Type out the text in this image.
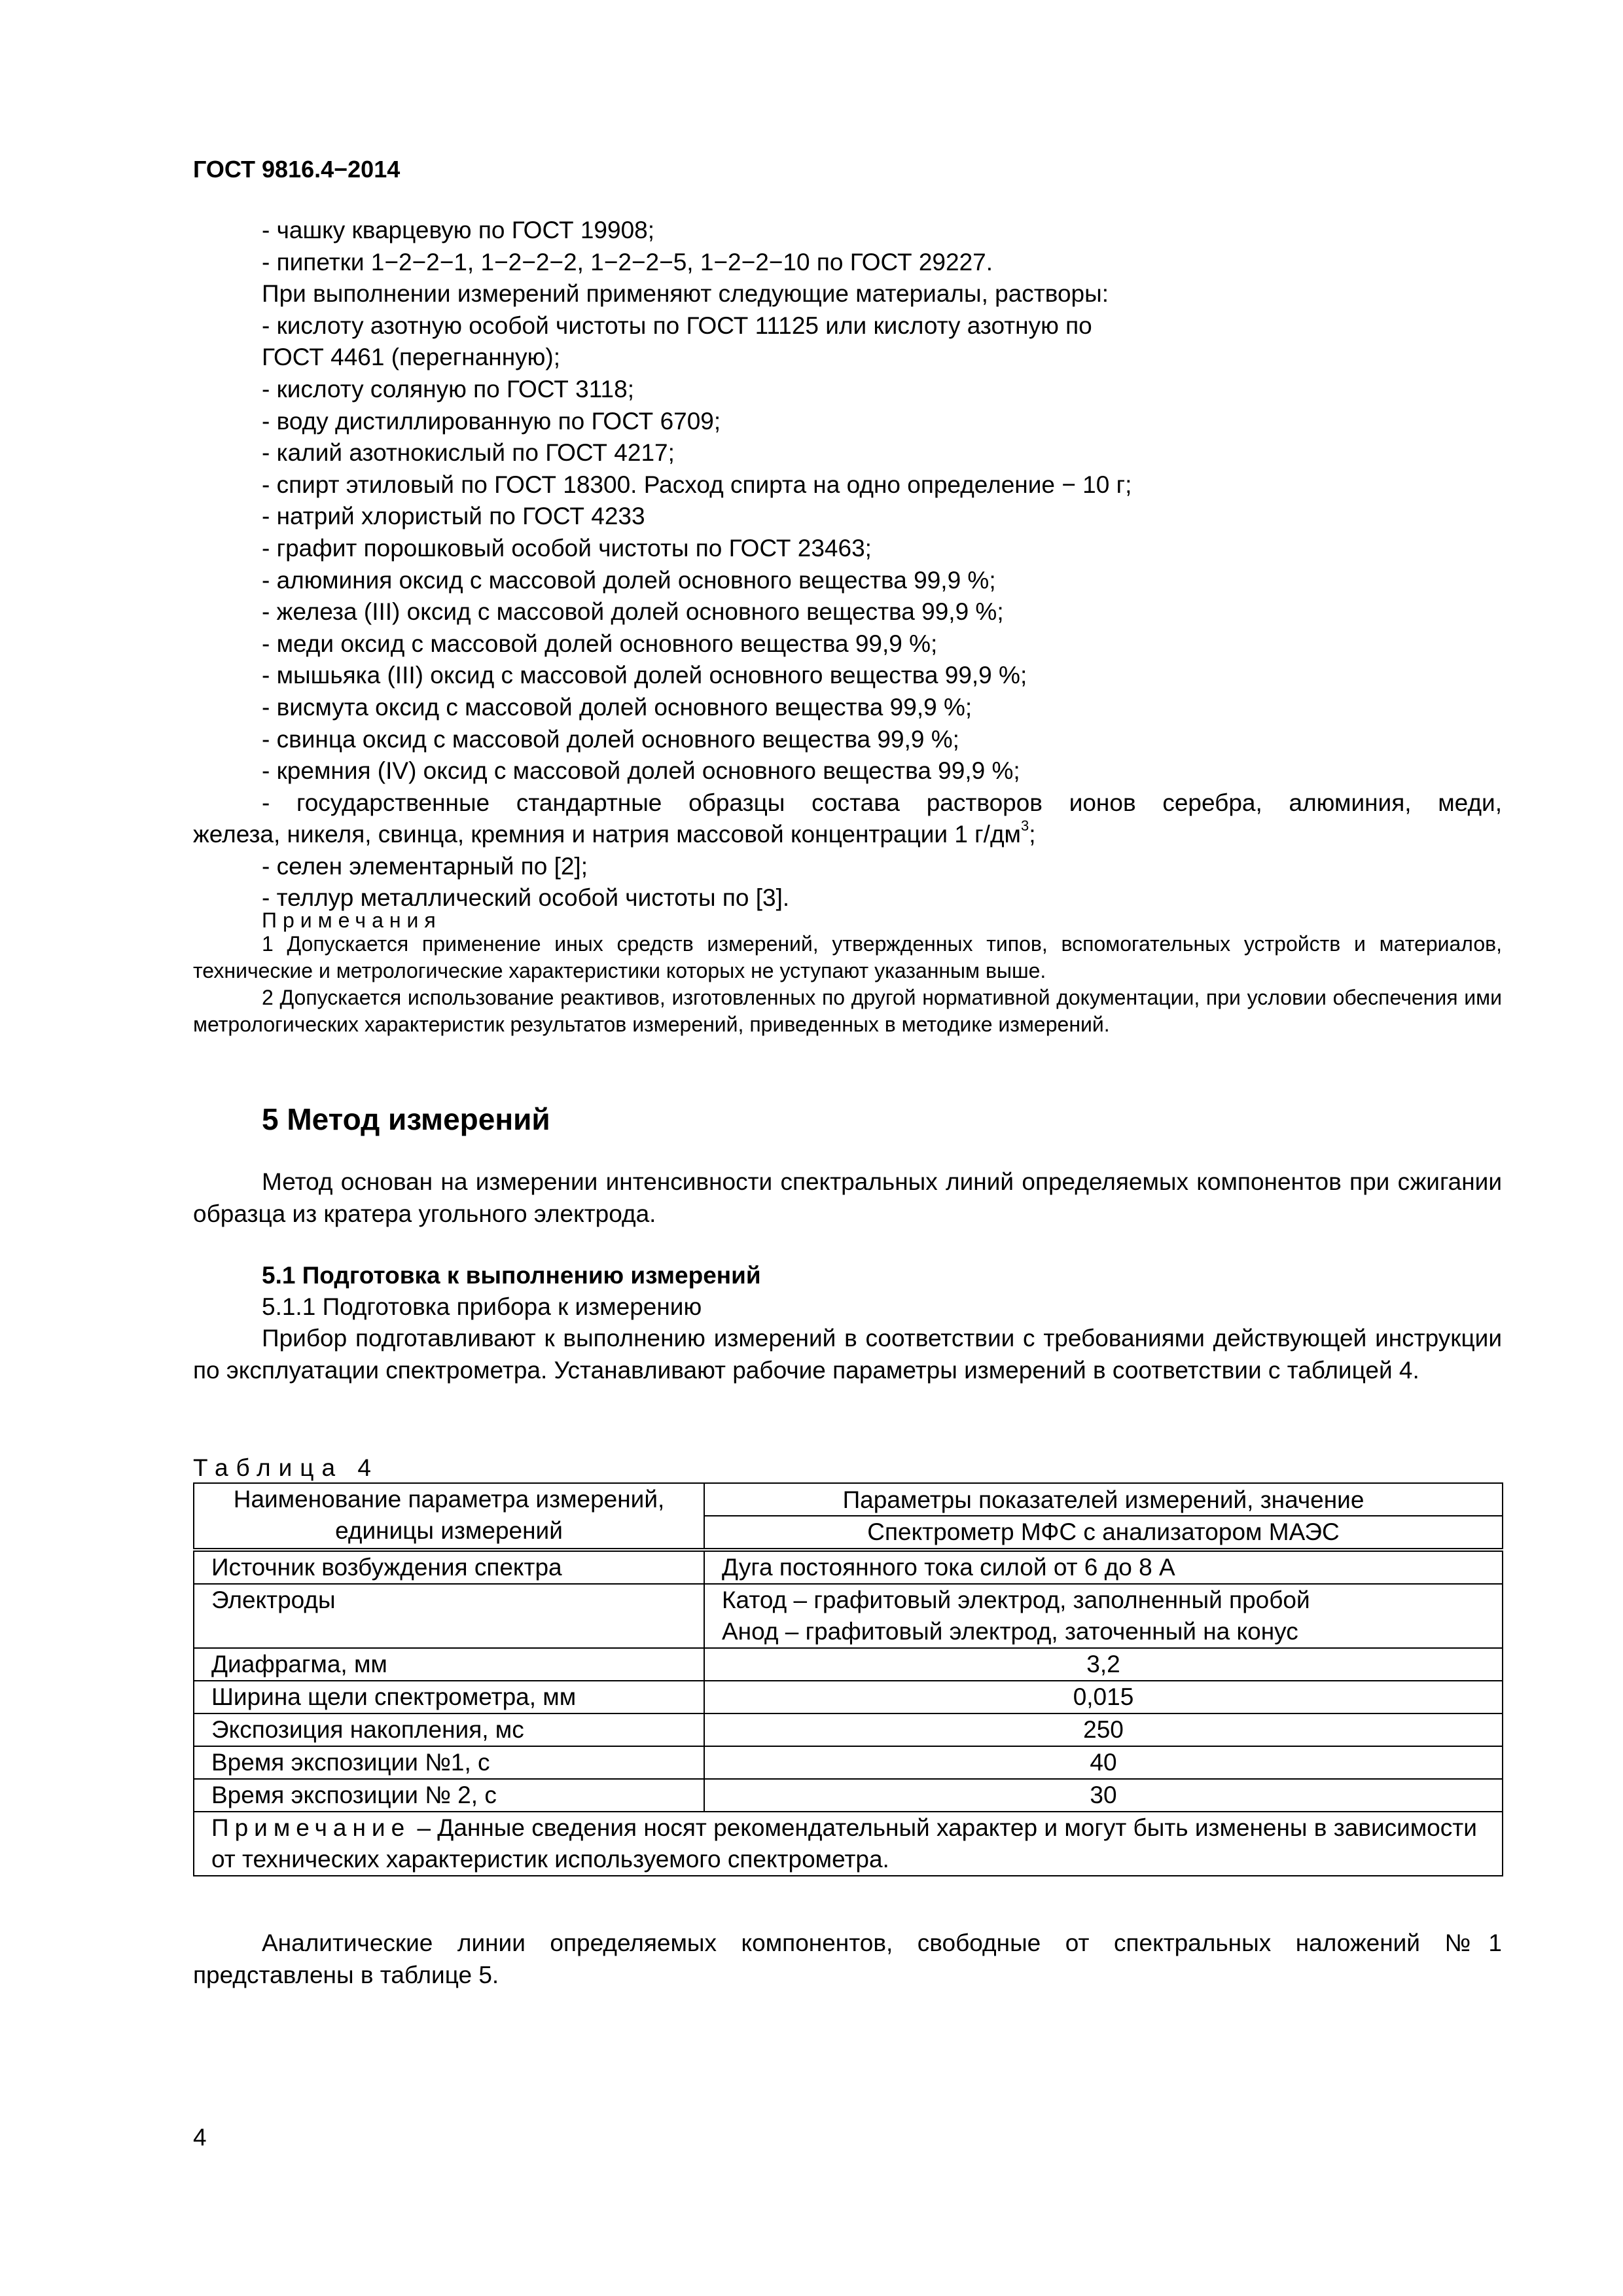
ГОСТ 9816.4−2014

- чашку кварцевую по ГОСТ 19908;

- пипетки 1−2−2−1, 1−2−2−2, 1−2−2−5, 1−2−2−10 по ГОСТ 29227.

При выполнении измерений применяют следующие материалы, растворы:

- кислоту азотную особой чистоты по ГОСТ 11125 или кислоту азотную по

ГОСТ 4461 (перегнанную);

- кислоту соляную по ГОСТ 3118;

- воду дистиллированную по ГОСТ 6709;

- калий азотнокислый по ГОСТ 4217;

- спирт этиловый по ГОСТ 18300. Расход спирта на одно определение − 10 г;

- натрий хлористый по ГОСТ 4233

- графит порошковый особой чистоты по ГОСТ 23463;

- алюминия оксид с массовой долей основного вещества 99,9 %;

- железа (III) оксид с массовой долей основного вещества 99,9 %;

- меди оксид с массовой долей основного вещества 99,9 %;

- мышьяка (III) оксид с массовой долей основного вещества 99,9 %;

- висмута оксид с массовой долей основного вещества 99,9 %;

- свинца оксид с массовой долей основного вещества 99,9 %;

- кремния (IV) оксид с массовой долей основного вещества 99,9 %;

- государственные стандартные образцы состава растворов ионов серебра, алюминия, меди,
железа, никеля, свинца, кремния и натрия массовой концентрации 1 $г/дм^3$;

- селен элементарный по [2];

- теллур металлический особой чистоты по [3].

Примечания

1 Допускается применение иных средств измерений, утвержденных типов, вспомогательных устройств и материалов, технические и метрологические характеристики которых не уступают указанным выше.

2 Допускается использование реактивов, изготовленных по другой нормативной документации, при условии обеспечения ими метрологических характеристик результатов измерений, приведенных в методике измерений.

5 Метод измерений

Метод основан на измерении интенсивности спектральных линий определяемых компонентов при сжигании образца из кратера угольного электрода.

5.1 Подготовка к выполнению измерений
5.1.1 Подготовка прибора к измерению

Прибор подготавливают к выполнению измерений в соответствии с требованиями действующей инструкции по эксплуатации спектрометра. Устанавливают рабочие параметры измерений в соответствии с таблицей 4.

Таблица 4
Наименование параметра измерений, единицы измерений	Параметры показателей измерений, значение
	Спектрометр МФС с анализатором МАЭС
Источник возбуждения спектра	Дуга постоянного тока силой от 6 до 8 А
Электроды	Катод – графитовый электрод, заполненный пробой
Анод – графитовый электрод, заточенный на конус

Диафрагма, мм	3,2
Ширина щели спектрометра, мм	0,015
Экспозиция накопления, мс	250
Время экспозиции №1, с	40
Время экспозиции № 2, с	30
Примечание – Данные сведения носят рекомендательный характер и могут быть изменены в зависимости от технических характеристик используемого спектрометра.	

Аналитические линии определяемых компонентов, свободные от спектральных наложений №1 представлены в таблице 5.

4
